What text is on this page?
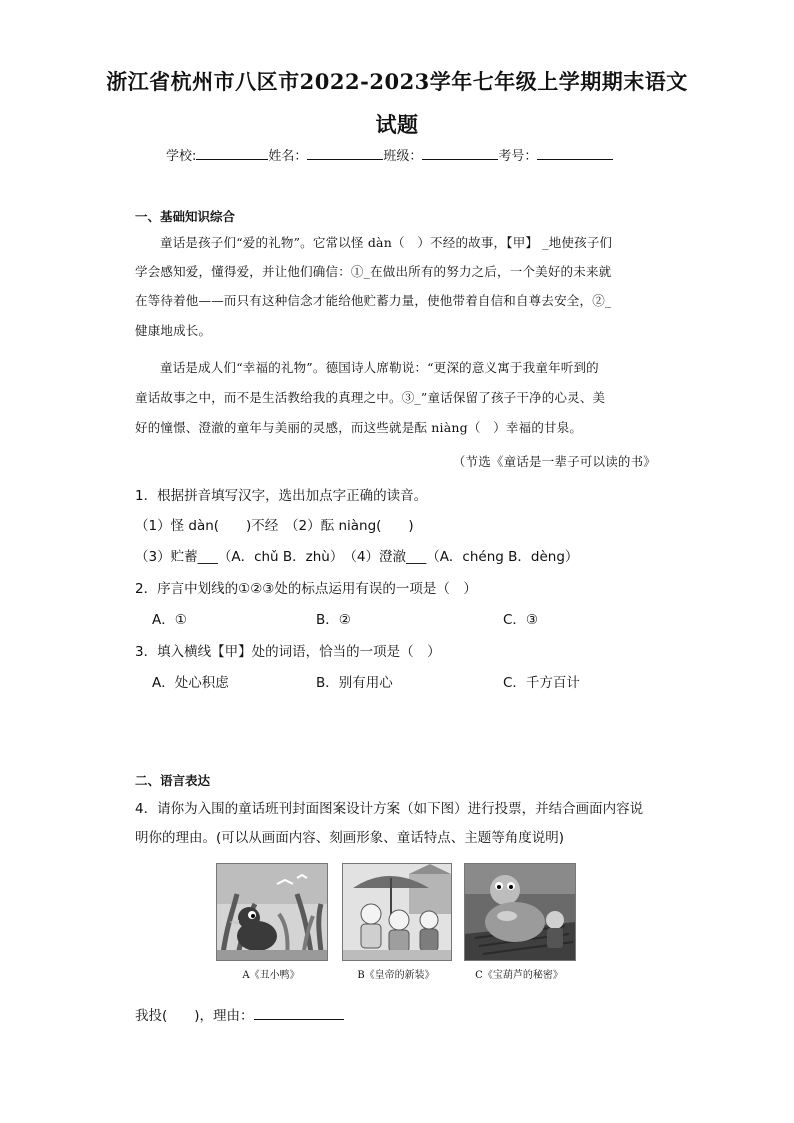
浙江省杭州市八区市2022-2023学年七年级上学期期末语文
试题
学校:	姓名：	班级：	考号：
一、基础知识综合
童话是孩子们“爱的礼物”。它常以怪 dàn（　）不经的故事，【甲】 _地使孩子们
学会感知爱，懂得爱，并让他们确信：①_在做出所有的努力之后，一个美好的未来就
在等待着他——而只有这种信念才能给他贮蓄力量，使他带着自信和自尊去安全，②_
健康地成长。
童话是成人们“幸福的礼物”。德国诗人席勒说：“更深的意义寓于我童年听到的
童话故事之中，而不是生活教给我的真理之中。③_”童话保留了孩子干净的心灵、美
好的憧憬、澄澈的童年与美丽的灵感，而这些就是酝 niàng（　）幸福的甘泉。
（节选《童话是一辈子可以读的书》
1．根据拼音填写汉字，选出加点字正确的读音。
（1）怪 dàn(　　)不经　（2）酝 niàng(　　)
（3）贮蓄___（A．chǔ B．zhù）　（4）澄澈___（A．chéng B．dèng）
2．序言中划线的①②③处的标点运用有误的一项是（　）
A．①	B．②	C．③
3．填入横线【甲】处的词语，恰当的一项是（　）
A．处心积虑	B．别有用心	C．千方百计
二、语言表达
4．请你为入围的童话班刊封面图案设计方案（如下图）进行投票，并结合画面内容说
明你的理由。(可以从画面内容、刻画形象、童话特点、主题等角度说明)
A《丑小鸭》	B《皇帝的新装》	C《宝葫芦的秘密》
我投(　　)，理由：
